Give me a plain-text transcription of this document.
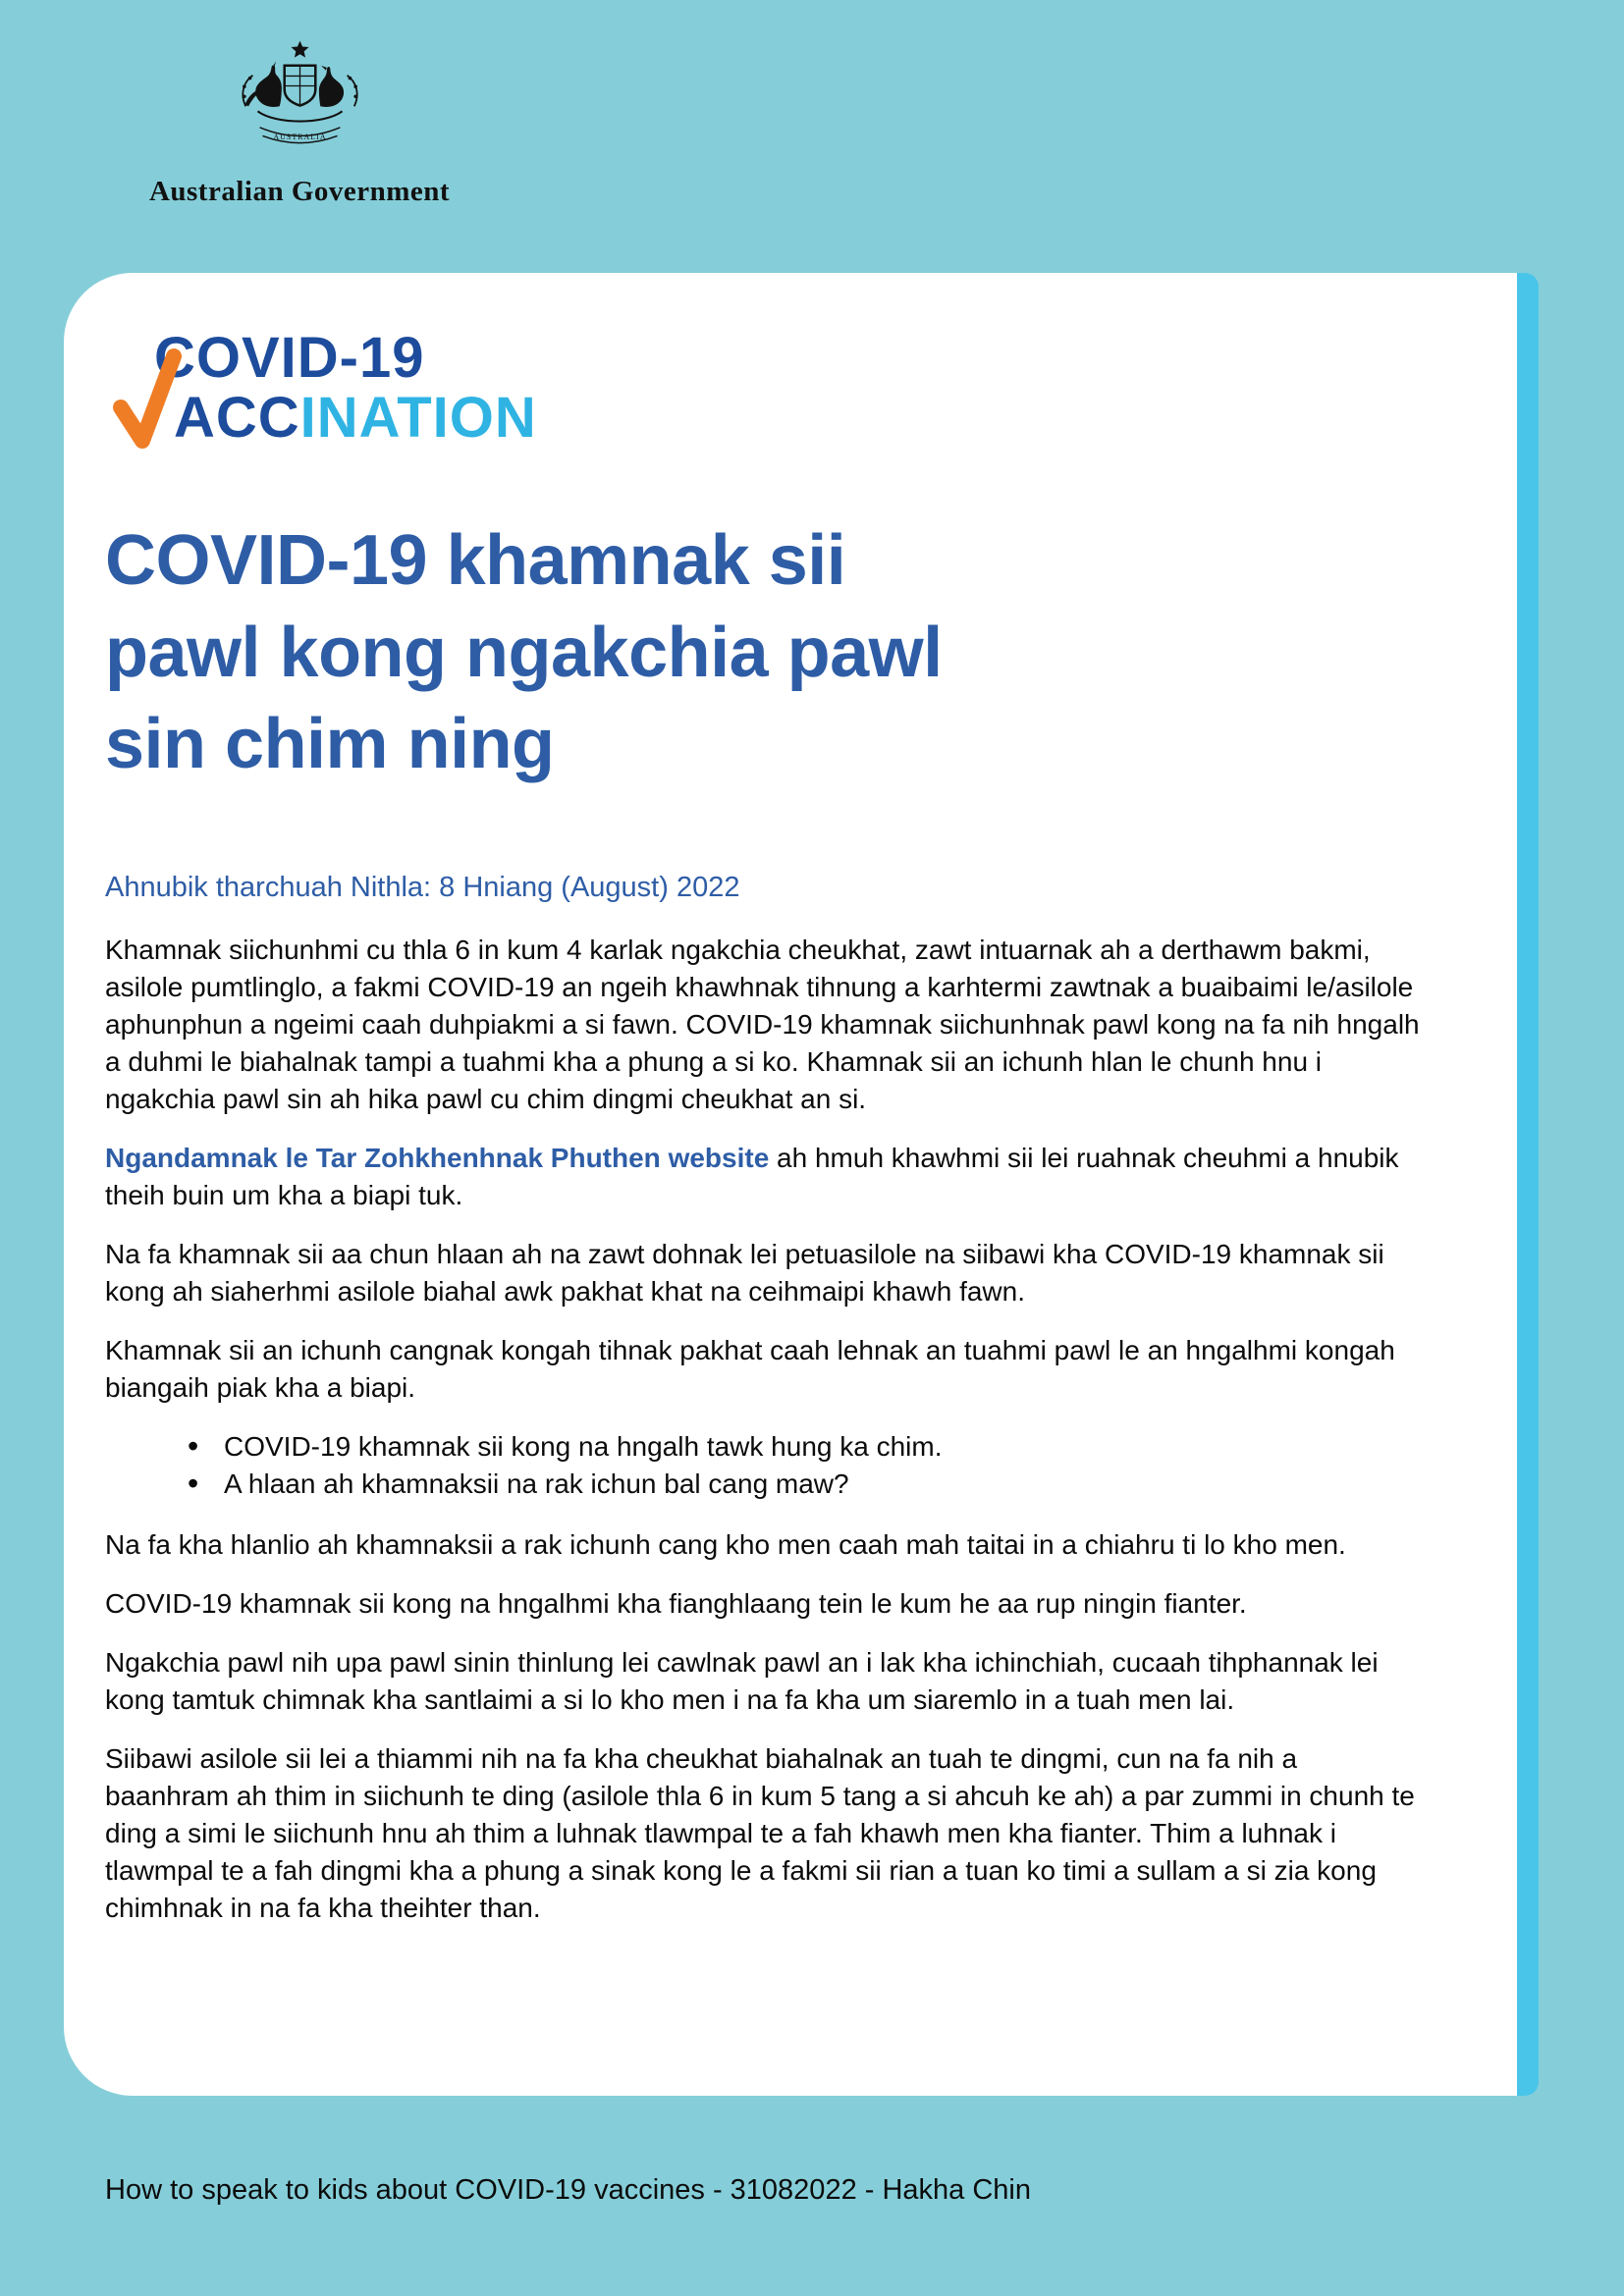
AUSTRALIA
Australian Government
COVID-19
ACCINATION
COVID-19 khamnak sii
pawl kong ngakchia pawl
sin chim ning
Ahnubik tharchuah Nithla: 8 Hniang (August) 2022

Khamnak siichunhmi cu thla 6 in kum 4 karlak ngakchia cheukhat, zawt intuarnak ah a derthawm bakmi, asilole pumtlinglo, a fakmi COVID-19 an ngeih khawhnak tihnung a karhtermi zawtnak a buaibaimi le/asilole aphunphun a ngeimi caah duhpiakmi a si fawn. COVID-19 khamnak siichunhnak pawl kong na fa nih hngalh a duhmi le biahalnak tampi a tuahmi kha a phung a si ko. Khamnak sii an ichunh hlan le chunh hnu i ngakchia pawl sin ah hika pawl cu chim dingmi cheukhat an si.

Ngandamnak le Tar Zohkhenhnak Phuthen website ah hmuh khawhmi sii lei ruahnak cheuhmi a hnubik theih buin um kha a biapi tuk.

Na fa khamnak sii aa chun hlaan ah na zawt dohnak lei petuasilole na siibawi kha COVID-19 khamnak sii kong ah siaherhmi asilole biahal awk pakhat khat na ceihmaipi khawh fawn.

Khamnak sii an ichunh cangnak kongah tihnak pakhat caah lehnak an tuahmi pawl le an hngalhmi kongah biangaih piak kha a biapi.

• COVID-19 khamnak sii kong na hngalh tawk hung ka chim.
• A hlaan ah khamnaksii na rak ichun bal cang maw?

Na fa kha hlanlio ah khamnaksii a rak ichunh cang kho men caah mah taitai in a chiahru ti lo kho men.

COVID-19 khamnak sii kong na hngalhmi kha fianghlaang tein le kum he aa rup ningin fianter.

Ngakchia pawl nih upa pawl sinin thinlung lei cawlnak pawl an i lak kha ichinchiah, cucaah tihphannak lei kong tamtuk chimnak kha santlaimi a si lo kho men i na fa kha um siaremlo in a tuah men lai.

Siibawi asilole sii lei a thiammi nih na fa kha cheukhat biahalnak an tuah te dingmi, cun na fa nih a baanhram ah thim in siichunh te ding (asilole thla 6 in kum 5 tang a si ahcuh ke ah) a par zummi in chunh te ding a simi le siichunh hnu ah thim a luhnak tlawmpal te a fah khawh men kha fianter. Thim a luhnak i tlawmpal te a fah dingmi kha a phung a sinak kong le a fakmi sii rian a tuan ko timi a sullam a si zia kong chimhnak in na fa kha theihter than.

How to speak to kids about COVID-19 vaccines - 31082022 - Hakha Chin
